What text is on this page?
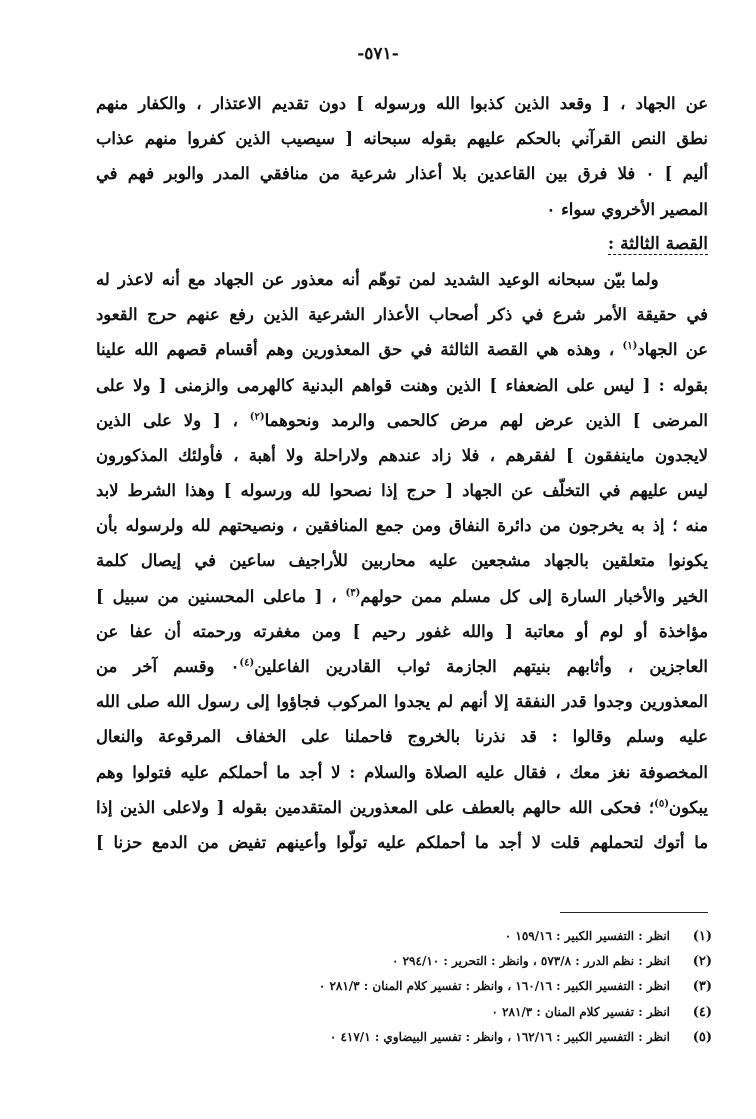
-٥٧١-
عن الجهاد ، [ وقعد الذين كذبوا الله ورسوله ] دون تقديم الاعتذار ، والكفار منهم
نطق النص القرآني بالحكم عليهم بقوله سبحانه [ سيصيب الذين كفروا منهم عذاب
أليم ] ٠ فلا فرق بين القاعدين بلا أعذار شرعية من منافقي المدر والوبر فهم في
المصير الأخروي سواء ٠
القصة الثالثة :
ولما بيّن سبحانه الوعيد الشديد لمن توهّم أنه معذور عن الجهاد مع أنه لاعذر له
في حقيقة الأمر شرع في ذكر أصحاب الأعذار الشرعية الذين رفع عنهم حرج القعود
عن الجهاد$^{(١)}$ ، وهذه هي القصة الثالثة في حق المعذورين وهم أقسام قصهم الله علينا
بقوله : [ ليس على الضعفاء ] الذين وهنت قواهم البدنية كالهرمى والزمنى [ ولا على
المرضى ] الذين عرض لهم مرض كالحمى والرمد ونحوهما$^{(٢)}$ ، [ ولا على الذين
لايجدون ماينفقون ] لفقرهم ، فلا زاد عندهم ولاراحلة ولا أهبة ، فأولئك المذكورون
ليس عليهم في التخلّف عن الجهاد [ حرج إذا نصحوا لله ورسوله ] وهذا الشرط لابد
منه ؛ إذ به يخرجون من دائرة النفاق ومن جمع المنافقين ، ونصيحتهم لله ولرسوله بأن
يكونوا متعلقين بالجهاد مشجعين عليه محاربين للأراجيف ساعين في إيصال كلمة
الخير والأخبار السارة إلى كل مسلم ممن حولهم$^{(٣)}$ ، [ ماعلى المحسنين من سبيل ]
مؤاخذة أو لوم أو معاتبة [ والله غفور رحيم ] ومن مغفرته ورحمته أن عفا عن
العاجزين ، وأثابهم بنيتهم الجازمة ثواب القادرين الفاعلين$^{(٤)}$٠ وقسم آخر من
المعذورين وجدوا قدر النفقة إلا أنهم لم يجدوا المركوب فجاؤوا إلى رسول الله صلى الله
عليه وسلم وقالوا : قد نذرنا بالخروج فاحملنا على الخفاف المرقوعة والنعال
المخصوفة نغز معك ، فقال عليه الصلاة والسلام : لا أجد ما أحملكم عليه فتولوا وهم
يبكون$^{(٥)}$؛ فحكى الله حالهم بالعطف على المعذورين المتقدمين بقوله [ ولاعلى الذين إذا
ما أتوك لتحملهم قلت لا أجد ما أحملكم عليه تولّوا وأعينهم تفيض من الدمع حزنا ]
(١)انظر : التفسير الكبير : ١٥٩/١٦ ٠
(٢)انظر : نظم الدرر : ٥٧٣/٨ ، وانظر : التحرير : ٢٩٤/١٠ ٠
(٣)انظر : التفسير الكبير : ١٦٠/١٦ ، وانظر : تفسير كلام المنان : ٢٨١/٣ ٠
(٤)انظر : تفسير كلام المنان : ٢٨١/٣ ٠
(٥)انظر : التفسير الكبير : ١٦٢/١٦ ، وانظر : تفسير البيضاوي : ٤١٧/١ ٠
